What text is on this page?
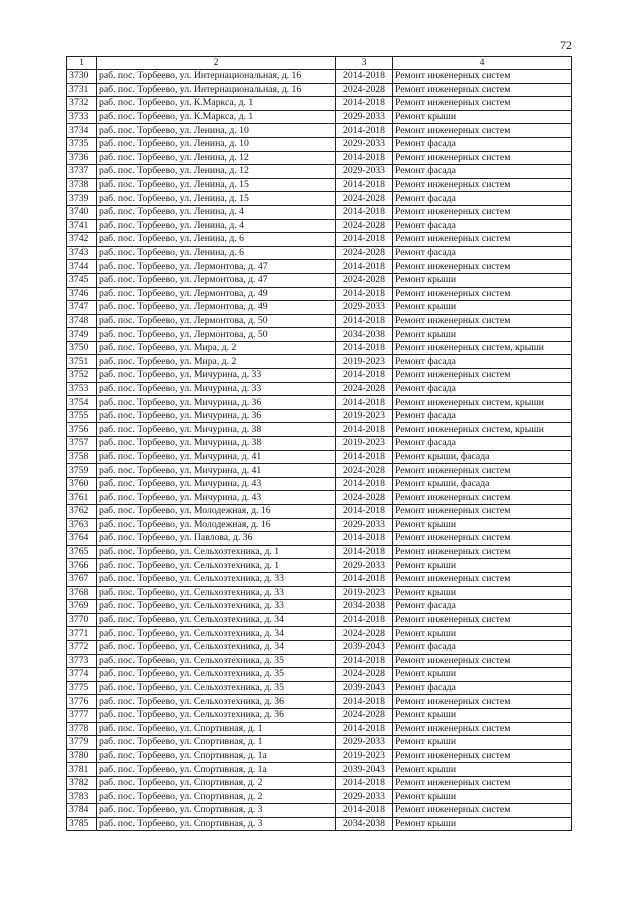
72
1	2	3	4
3730	раб. пос. Торбеево, ул. Интернациональная, д. 16	2014-2018	Ремонт инженерных систем
3731	раб. пос. Торбеево, ул. Интернациональная, д. 16	2024-2028	Ремонт инженерных систем
3732	раб. пос. Торбеево, ул. К.Маркса, д. 1	2014-2018	Ремонт инженерных систем
3733	раб. пос. Торбеево, ул. К.Маркса, д. 1	2029-2033	Ремонт крыши
3734	раб. пос. Торбеево, ул. Ленина, д. 10	2014-2018	Ремонт инженерных систем
3735	раб. пос. Торбеево, ул. Ленина, д. 10	2029-2033	Ремонт фасада
3736	раб. пос. Торбеево, ул. Ленина, д. 12	2014-2018	Ремонт инженерных систем
3737	раб. пос. Торбеево, ул. Ленина, д. 12	2029-2033	Ремонт фасада
3738	раб. пос. Торбеево, ул. Ленина, д. 15	2014-2018	Ремонт инженерных систем
3739	раб. пос. Торбеево, ул. Ленина, д. 15	2024-2028	Ремонт фасада
3740	раб. пос. Торбеево, ул. Ленина, д. 4	2014-2018	Ремонт инженерных систем
3741	раб. пос. Торбеево, ул. Ленина, д. 4	2024-2028	Ремонт фасада
3742	раб. пос. Торбеево, ул. Ленина, д. 6	2014-2018	Ремонт инженерных систем
3743	раб. пос. Торбеево, ул. Ленина, д. 6	2024-2028	Ремонт фасада
3744	раб. пос. Торбеево, ул. Лермонтова, д. 47	2014-2018	Ремонт инженерных систем
3745	раб. пос. Торбеево, ул. Лермонтова, д. 47	2024-2028	Ремонт крыши
3746	раб. пос. Торбеево, ул. Лермонтова, д. 49	2014-2018	Ремонт инженерных систем
3747	раб. пос. Торбеево, ул. Лермонтова, д. 49	2029-2033	Ремонт крыши
3748	раб. пос. Торбеево, ул. Лермонтова, д. 50	2014-2018	Ремонт инженерных систем
3749	раб. пос. Торбеево, ул. Лермонтова, д. 50	2034-2038	Ремонт крыши
3750	раб. пос. Торбеево, ул. Мира, д. 2	2014-2018	Ремонт инженерных систем, крыши
3751	раб. пос. Торбеево, ул. Мира, д. 2	2019-2023	Ремонт фасада
3752	раб. пос. Торбеево, ул. Мичурина, д. 33	2014-2018	Ремонт инженерных систем
3753	раб. пос. Торбеево, ул. Мичурина, д. 33	2024-2028	Ремонт фасада
3754	раб. пос. Торбеево, ул. Мичурина, д. 36	2014-2018	Ремонт инженерных систем, крыши
3755	раб. пос. Торбеево, ул. Мичурина, д. 36	2019-2023	Ремонт фасада
3756	раб. пос. Торбеево, ул. Мичурина, д. 38	2014-2018	Ремонт инженерных систем, крыши
3757	раб. пос. Торбеево, ул. Мичурина, д. 38	2019-2023	Ремонт фасада
3758	раб. пос. Торбеево, ул. Мичурина, д. 41	2014-2018	Ремонт крыши, фасада
3759	раб. пос. Торбеево, ул. Мичурина, д. 41	2024-2028	Ремонт инженерных систем
3760	раб. пос. Торбеево, ул. Мичурина, д. 43	2014-2018	Ремонт крыши, фасада
3761	раб. пос. Торбеево, ул. Мичурина, д. 43	2024-2028	Ремонт инженерных систем
3762	раб. пос. Торбеево, ул. Молодежная, д. 16	2014-2018	Ремонт инженерных систем
3763	раб. пос. Торбеево, ул. Молодежная, д. 16	2029-2033	Ремонт крыши
3764	раб. пос. Торбеево, ул. Павлова, д. 36	2014-2018	Ремонт инженерных систем
3765	раб. пос. Торбеево, ул. Сельхозтехника, д. 1	2014-2018	Ремонт инженерных систем
3766	раб. пос. Торбеево, ул. Сельхозтехника, д. 1	2029-2033	Ремонт крыши
3767	раб. пос. Торбеево, ул. Сельхозтехника, д. 33	2014-2018	Ремонт инженерных систем
3768	раб. пос. Торбеево, ул. Сельхозтехника, д. 33	2019-2023	Ремонт крыши
3769	раб. пос. Торбеево, ул. Сельхозтехника, д. 33	2034-2038	Ремонт фасада
3770	раб. пос. Торбеево, ул. Сельхозтехника, д. 34	2014-2018	Ремонт инженерных систем
3771	раб. пос. Торбеево, ул. Сельхозтехника, д. 34	2024-2028	Ремонт крыши
3772	раб. пос. Торбеево, ул. Сельхозтехника, д. 34	2039-2043	Ремонт фасада
3773	раб. пос. Торбеево, ул. Сельхозтехника, д. 35	2014-2018	Ремонт инженерных систем
3774	раб. пос. Торбеево, ул. Сельхозтехника, д. 35	2024-2028	Ремонт крыши
3775	раб. пос. Торбеево, ул. Сельхозтехника, д. 35	2039-2043	Ремонт фасада
3776	раб. пос. Торбеево, ул. Сельхозтехника, д. 36	2014-2018	Ремонт инженерных систем
3777	раб. пос. Торбеево, ул. Сельхозтехника, д. 36	2024-2028	Ремонт крыши
3778	раб. пос. Торбеево, ул. Спортивная, д. 1	2014-2018	Ремонт инженерных систем
3779	раб. пос. Торбеево, ул. Спортивная, д. 1	2029-2033	Ремонт крыши
3780	раб. пос. Торбеево, ул. Спортивная, д. 1а	2019-2023	Ремонт инженерных систем
3781	раб. пос. Торбеево, ул. Спортивная, д. 1а	2039-2043	Ремонт крыши
3782	раб. пос. Торбеево, ул. Спортивная, д. 2	2014-2018	Ремонт инженерных систем
3783	раб. пос. Торбеево, ул. Спортивная, д. 2	2029-2033	Ремонт крыши
3784	раб. пос. Торбеево, ул. Спортивная, д. 3	2014-2018	Ремонт инженерных систем
3785	раб. пос. Торбеево, ул. Спортивная, д. 3	2034-2038	Ремонт крыши
